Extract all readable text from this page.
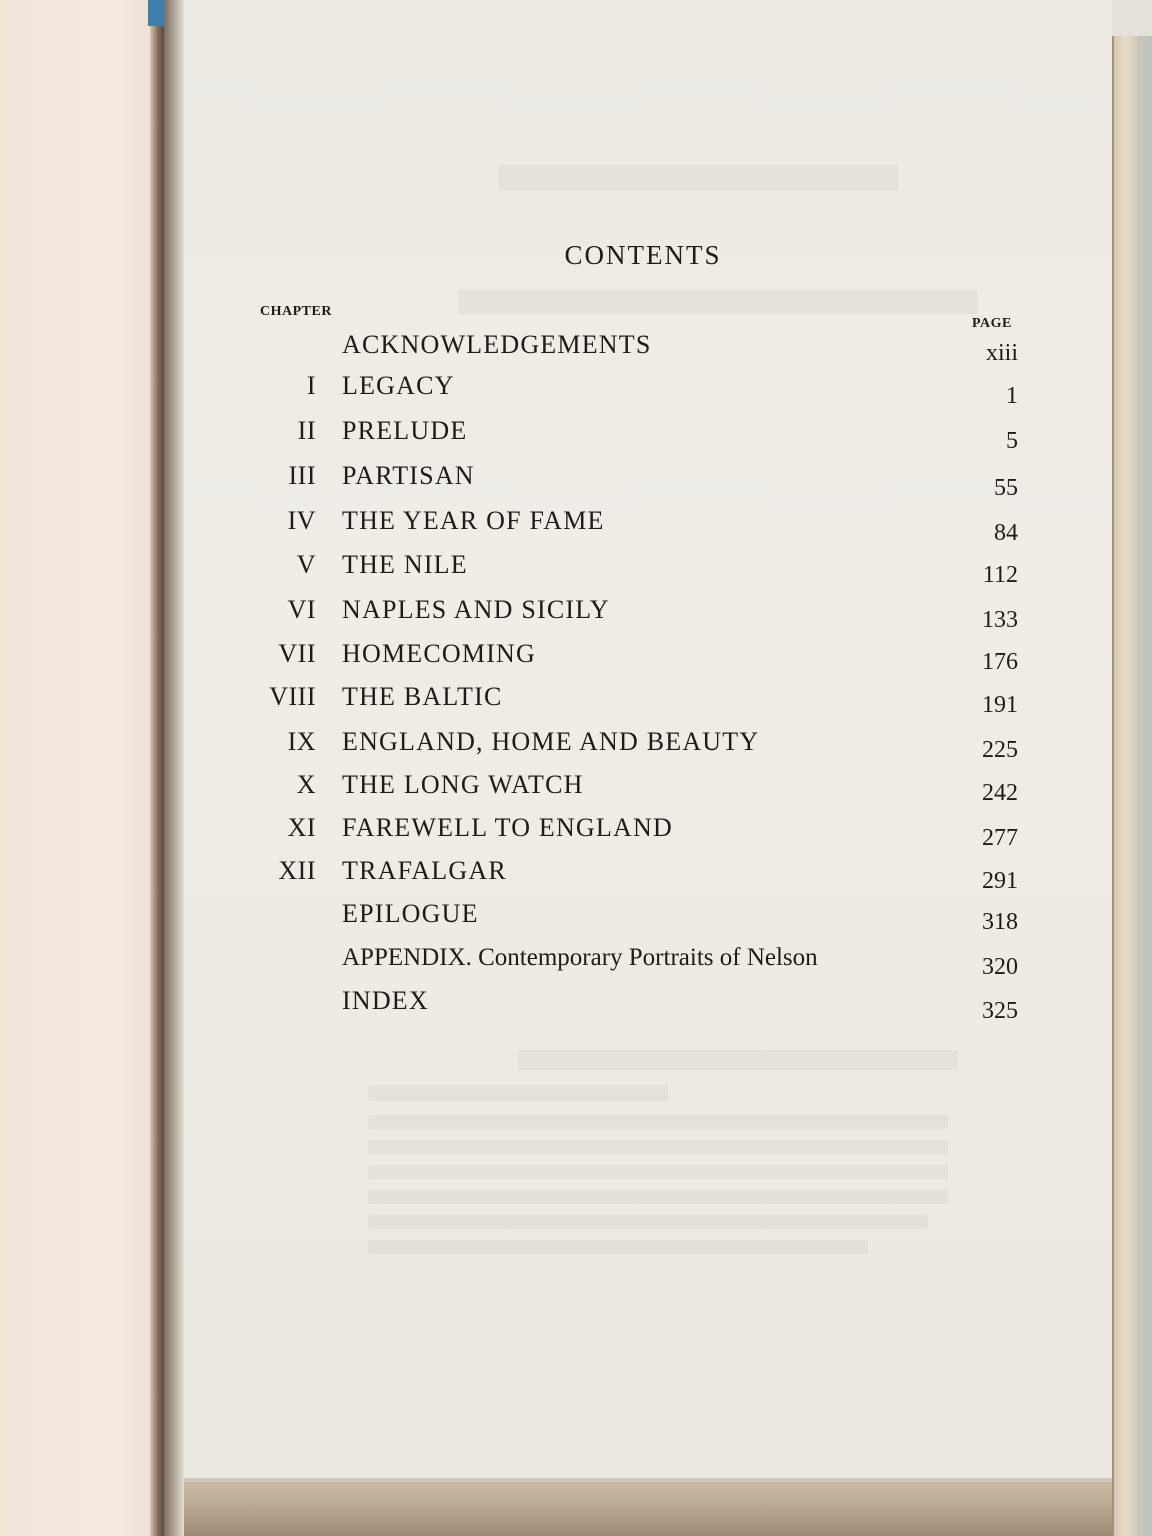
CONTENTS
CHAPTER
PAGE
ACKNOWLEDGEMENTS	xiii
I LEGACY	1
II PRELUDE	5
III PARTISAN	55
IV THE YEAR OF FAME	84
V THE NILE	112
VI NAPLES AND SICILY	133
VII HOMECOMING	176
VIII THE BALTIC	191
IX ENGLAND, HOME AND BEAUTY	225
X THE LONG WATCH	242
XI FAREWELL TO ENGLAND	277
XII TRAFALGAR	291
EPILOGUE	318
APPENDIX. Contemporary Portraits of Nelson	320
INDEX	325
